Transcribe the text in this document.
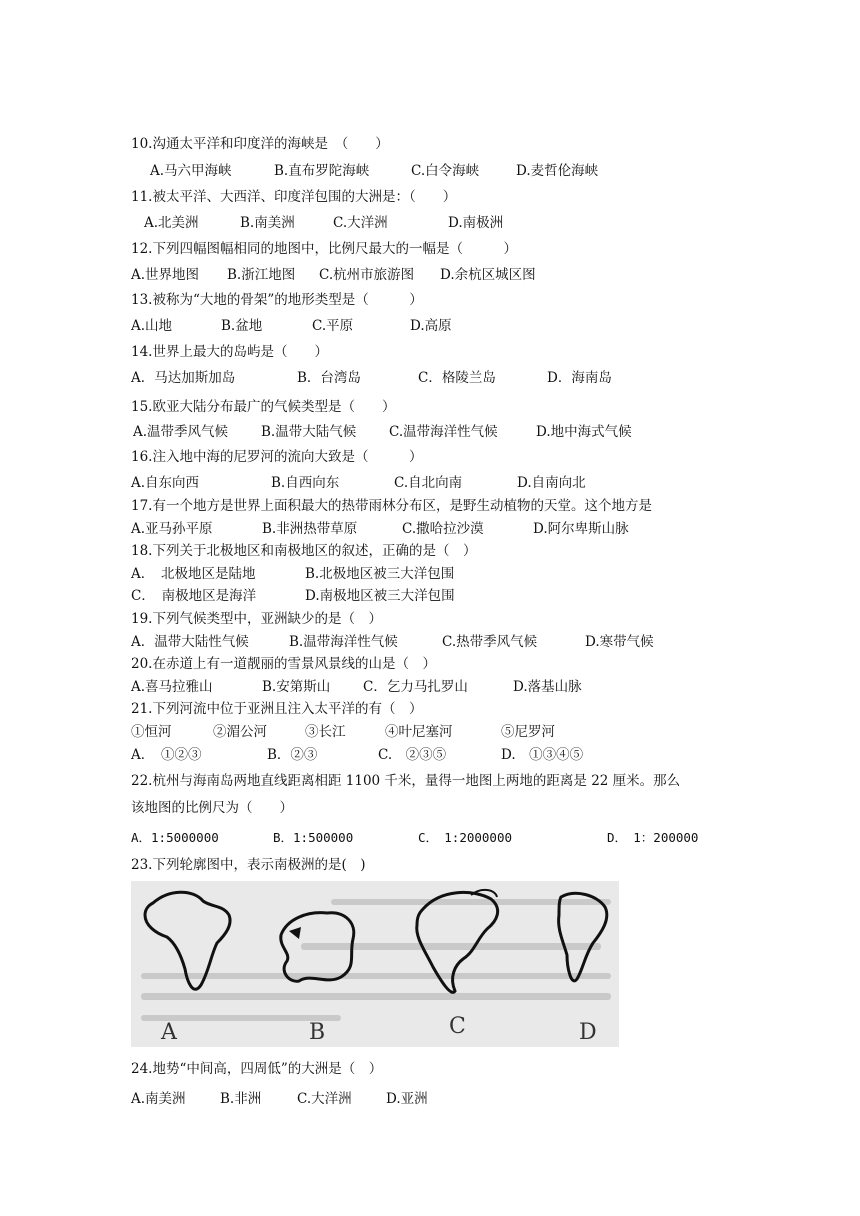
10.沟通太平洋和印度洋的海峡是　（　　）
A.马六甲海峡	B.直布罗陀海峡	C.白令海峡	D.麦哲伦海峡
11.被太平洋、大西洋、印度洋包围的大洲是：（　　）
A.北美洲	B.南美洲	C.大洋洲	D.南极洲
12.下列四幅图幅相同的地图中，比例尺最大的一幅是（　　　）
A.世界地图 B.浙江地图 C.杭州市旅游图 D.余杭区城区图
13.被称为“大地的骨架”的地形类型是（　　　）
A.山地	B.盆地	C.平原	D.高原
14.世界上最大的岛屿是（　　）
A．马达加斯加岛	B．台湾岛	C．格陵兰岛	D．海南岛
15.欧亚大陆分布最广的气候类型是（　　）
A.温带季风气候 B.温带大陆气候 C.温带海洋性气候	D.地中海式气候
16.注入地中海的尼罗河的流向大致是（　　　）
A.自东向西	B.自西向东	C.自北向南	D.自南向北
17.有一个地方是世界上面积最大的热带雨林分布区，是野生动植物的天堂。这个地方是
A.亚马孙平原	B.非洲热带草原	C.撒哈拉沙漠	D.阿尔卑斯山脉
18.下列关于北极地区和南极地区的叙述，正确的是（　）
A．　北极地区是陆地	B.北极地区被三大洋包围
C．　南极地区是海洋	D.南极地区被三大洋包围
19.下列气候类型中，亚洲缺少的是（　）
A．温带大陆性气候	B.温带海洋性气候	C.热带季风气候	D.寒带气候
20.在赤道上有一道靓丽的雪景风景线的山是（　）
A.喜马拉雅山	B.安第斯山 C．乞力马扎罗山	D.落基山脉
21.下列河流中位于亚洲且注入太平洋的有（　）
①恒河	②湄公河	③长江	④叶尼塞河	⑤尼罗河
A．　①②③	B．②③	C.　②③⑤	D.　①③④⑤
22.杭州与海南岛两地直线距离相距 1100 千米，量得一地图上两地的距离是 22 厘米。那么
该地图的比例尺为（　　）
A．1:5000000	B．1:500000	C．　1:2000000	D．　1：200000
23.下列轮廓图中，表示南极洲的是(　)
A	B	C	D
24.地势“中间高，四周低”的大洲是（　）
A.南美洲	B.非洲	C.大洋洲	D.亚洲
